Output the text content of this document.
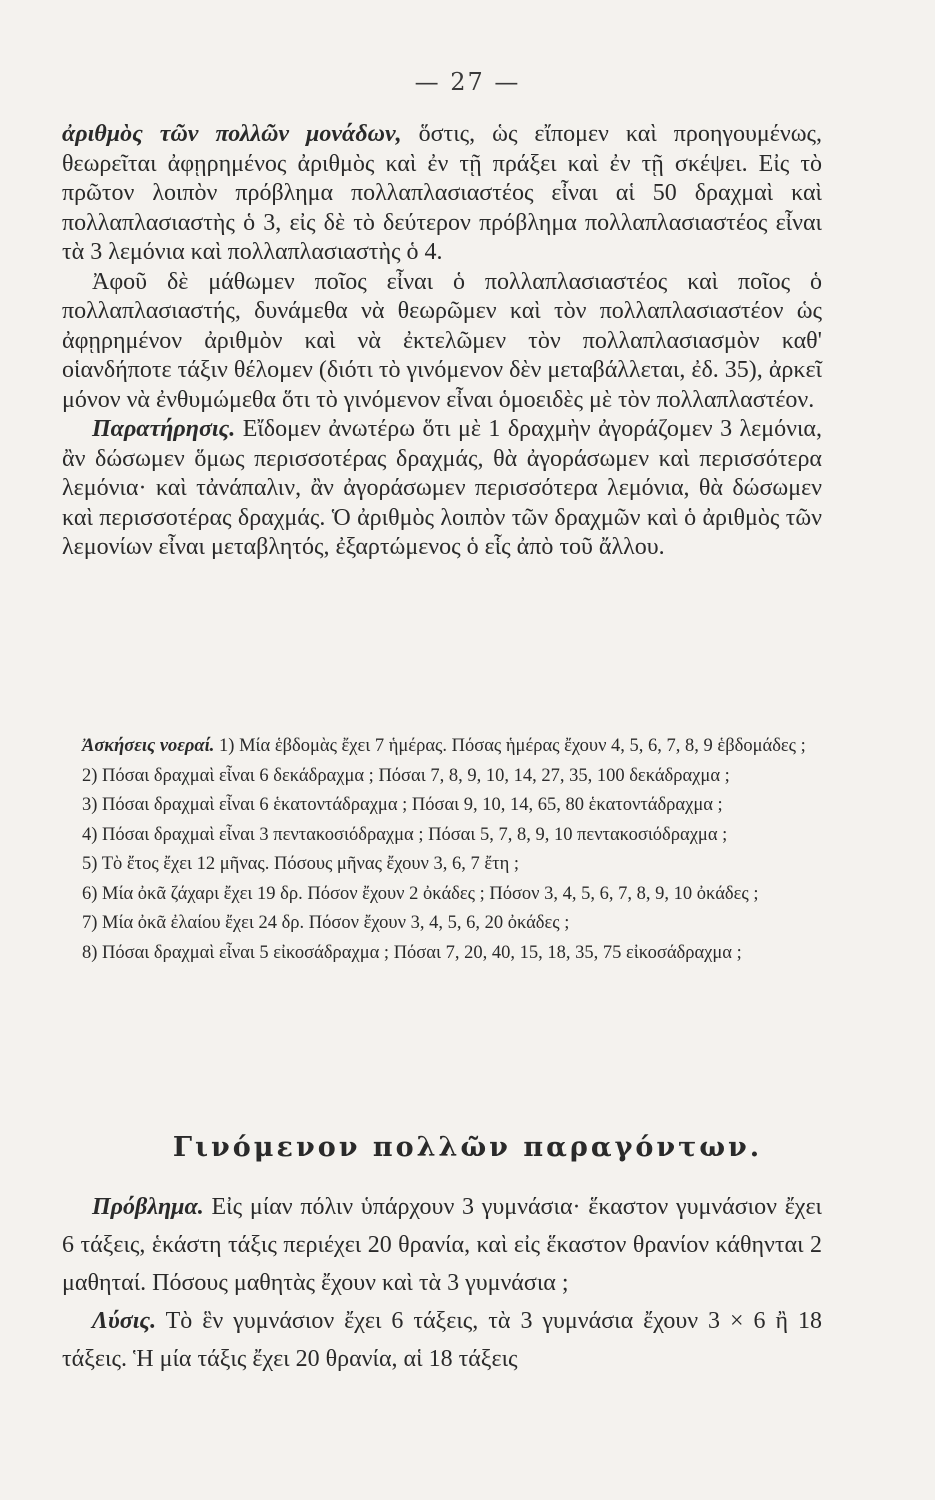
— 27 —

ἀριθμὸς τῶν πολλῶν μονάδων, ὅστις, ὡς εἴπομεν καὶ προηγουμένως, θεωρεῖται ἀφῃρημένος ἀριθμὸς καὶ ἐν τῇ πράξει καὶ ἐν τῇ σκέψει. Εἰς τὸ πρῶτον λοιπὸν πρόβλημα πολλαπλασιαστέος εἶναι αἱ 50 δραχμαὶ καὶ πολλαπλασιαστὴς ὁ 3, εἰς δὲ τὸ δεύτερον πρόβλημα πολλαπλασιαστέος εἶναι τὰ 3 λεμόνια καὶ πολλαπλασιαστὴς ὁ 4.

Ἀφοῦ δὲ μάθωμεν ποῖος εἶναι ὁ πολλαπλασιαστέος καὶ ποῖος ὁ πολλαπλασιαστής, δυνάμεθα νὰ θεωρῶμεν καὶ τὸν πολλαπλασιαστέον ὡς ἀφῃρημένον ἀριθμὸν καὶ νὰ ἐκτελῶμεν τὸν πολλαπλασιασμὸν καθ' οἱανδήποτε τάξιν θέλομεν (διότι τὸ γινόμενον δὲν μεταβάλλεται, ἐδ. 35), ἀρκεῖ μόνον νὰ ἐνθυμώμεθα ὅτι τὸ γινόμενον εἶναι ὁμοειδὲς μὲ τὸν πολλαπλαστέον.

Παρατήρησις. Εἴδομεν ἀνωτέρω ὅτι μὲ 1 δραχμὴν ἀγοράζομεν 3 λεμόνια, ἂν δώσωμεν ὅμως περισσοτέρας δραχμάς, θὰ ἀγοράσωμεν καὶ περισσότερα λεμόνια· καὶ τἀνάπαλιν, ἂν ἀγοράσωμεν περισσότερα λεμόνια, θὰ δώσωμεν καὶ περισσοτέρας δραχμάς. Ὁ ἀριθμὸς λοιπὸν τῶν δραχμῶν καὶ ὁ ἀριθμὸς τῶν λεμονίων εἶναι μεταβλητός, ἐξαρτώμενος ὁ εἷς ἀπὸ τοῦ ἄλλου.

Ἀσκήσεις νοεραί. 1) Μία ἑβδομὰς ἔχει 7 ἡμέρας. Πόσας ἡμέρας ἔχουν 4, 5, 6, 7, 8, 9 ἑβδομάδες ;

2) Πόσαι δραχμαὶ εἶναι 6 δεκάδραχμα ; Πόσαι 7, 8, 9, 10, 14, 27, 35, 100 δεκάδραχμα ;

3) Πόσαι δραχμαὶ εἶναι 6 ἑκατοντάδραχμα ; Πόσαι 9, 10, 14, 65, 80 ἑκατοντάδραχμα ;

4) Πόσαι δραχμαὶ εἶναι 3 πεντακοσιόδραχμα ; Πόσαι 5, 7, 8, 9, 10 πεντακοσιόδραχμα ;

5) Τὸ ἔτος ἔχει 12 μῆνας. Πόσους μῆνας ἔχουν 3, 6, 7 ἔτη ;

6) Μία ὀκᾶ ζάχαρι ἔχει 19 δρ. Πόσον ἔχουν 2 ὀκάδες ; Πόσον 3, 4, 5, 6, 7, 8, 9, 10 ὀκάδες ;

7) Μία ὀκᾶ ἐλαίου ἔχει 24 δρ. Πόσον ἔχουν 3, 4, 5, 6, 20 ὀκάδες ;

8) Πόσαι δραχμαὶ εἶναι 5 εἰκοσάδραχμα ; Πόσαι 7, 20, 40, 15, 18, 35, 75 εἰκοσάδραχμα ;

Γινόμενον πολλῶν παραγόντων.

Πρόβλημα. Εἰς μίαν πόλιν ὑπάρχουν 3 γυμνάσια· ἕκαστον γυμνάσιον ἔχει 6 τάξεις, ἑκάστη τάξις περιέχει 20 θρανία, καὶ εἰς ἕκαστον θρανίον κάθηνται 2 μαθηταί. Πόσους μαθητὰς ἔχουν καὶ τὰ 3 γυμνάσια ;

Λύσις. Τὸ ἓν γυμνάσιον ἔχει 6 τάξεις, τὰ 3 γυμνάσια ἔχουν 3 × 6 ἢ 18 τάξεις. Ἡ μία τάξις ἔχει 20 θρανία, αἱ 18 τάξεις
